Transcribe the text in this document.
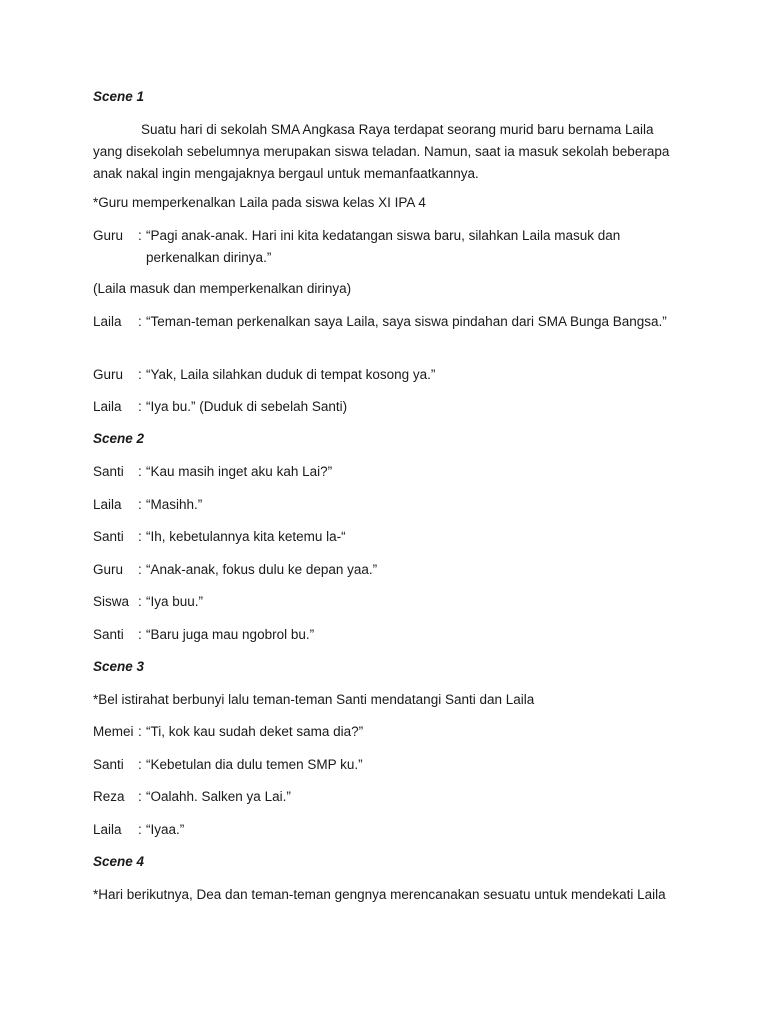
Scene 1

Suatu hari di sekolah SMA Angkasa Raya terdapat seorang murid baru bernama Laila yang disekolah sebelumnya merupakan siswa teladan. Namun, saat ia masuk sekolah beberapa anak nakal ingin mengajaknya bergaul untuk memanfaatkannya.

*Guru memperkenalkan Laila pada siswa kelas XI IPA 4

Guru	: “Pagi anak-anak. Hari ini kita kedatangan siswa baru, silahkan Laila masuk dan perkenalkan dirinya.”

(Laila masuk dan memperkenalkan dirinya)

Laila	: “Teman-teman perkenalkan saya Laila, saya siswa pindahan dari SMA Bunga Bangsa.”
Guru	: “Yak, Laila silahkan duduk di tempat kosong ya.”
Laila	: “Iya bu.” (Duduk di sebelah Santi)

Scene 2

Santi	: “Kau masih inget aku kah Lai?”
Laila	: “Masihh.”
Santi	: “Ih, kebetulannya kita ketemu la-“
Guru	: “Anak-anak, fokus dulu ke depan yaa.”
Siswa : “Iya buu.”
Santi	: “Baru juga mau ngobrol bu.”

Scene 3

*Bel istirahat berbunyi lalu teman-teman Santi mendatangi Santi dan Laila

Memei : “Ti, kok kau sudah deket sama dia?”
Santi	: “Kebetulan dia dulu temen SMP ku.”
Reza : “Oalahh. Salken ya Lai.”
Laila	: “Iyaa.”

Scene 4

*Hari berikutnya, Dea dan teman-teman gengnya merencanakan sesuatu untuk mendekati Laila
